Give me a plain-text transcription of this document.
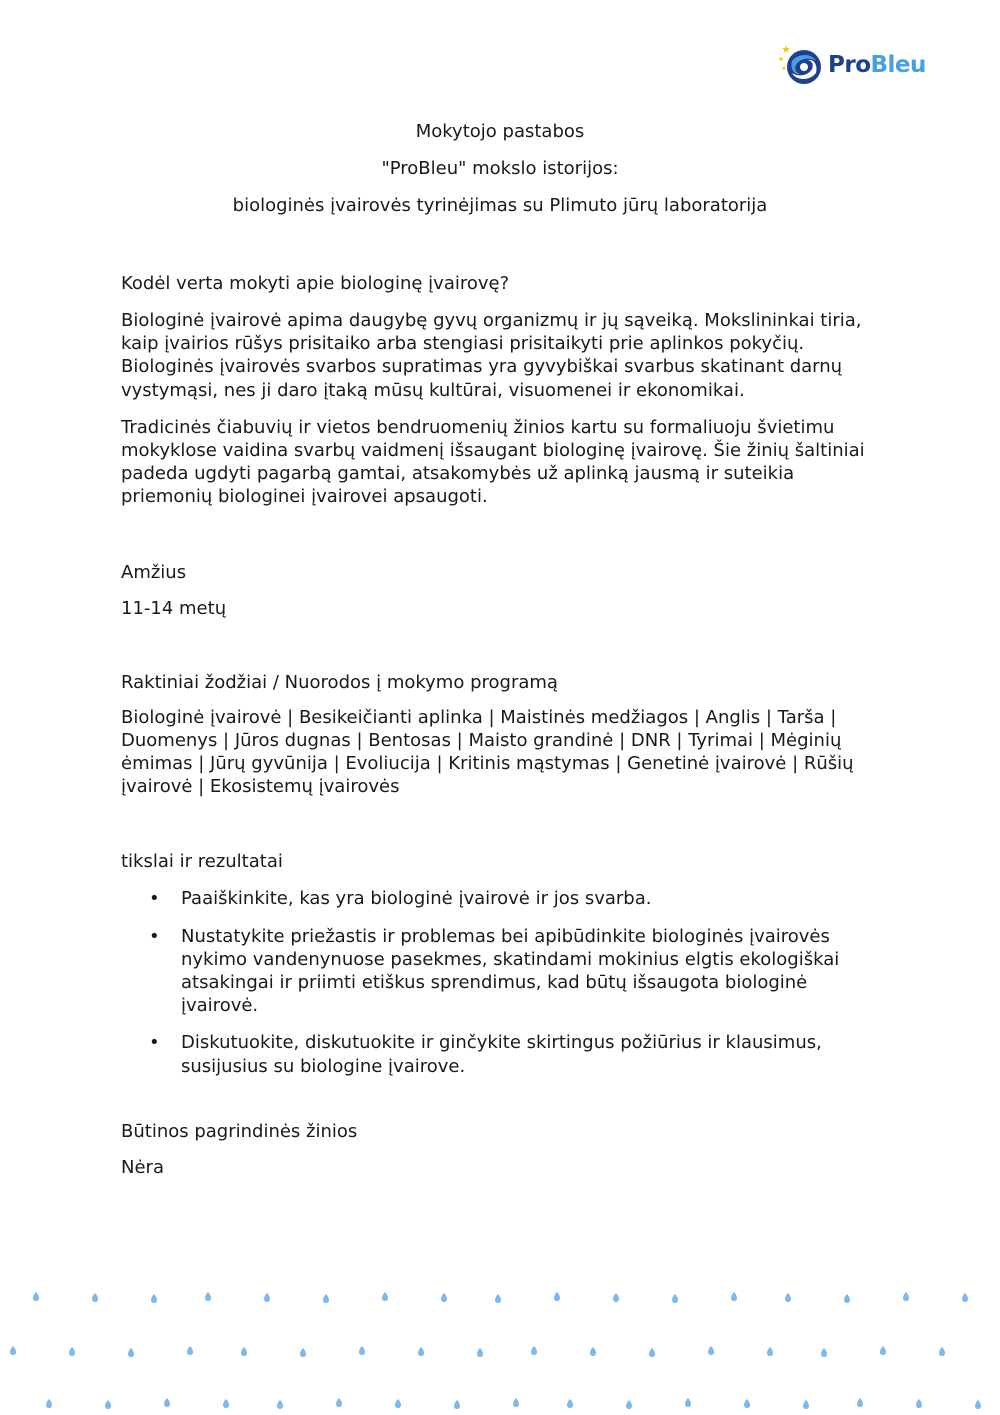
ProBleu

Mokytojo pastabos

"ProBleu" mokslo istorijos:

biologinės įvairovės tyrinėjimas su Plimuto jūrų laboratorija

Kodėl verta mokyti apie biologinę įvairovę?

Biologinė įvairovė apima daugybę gyvų organizmų ir jų sąveiką. Mokslininkai tiria, kaip įvairios rūšys prisitaiko arba stengiasi prisitaikyti prie aplinkos pokyčių. Biologinės įvairovės svarbos supratimas yra gyvybiškai svarbus skatinant darnų vystymąsi, nes ji daro įtaką mūsų kultūrai, visuomenei ir ekonomikai.

Tradicinės čiabuvių ir vietos bendruomenių žinios kartu su formaliuoju švietimu mokyklose vaidina svarbų vaidmenį išsaugant biologinę įvairovę. Šie žinių šaltiniai padeda ugdyti pagarbą gamtai, atsakomybės už aplinką jausmą ir suteikia priemonių biologinei įvairovei apsaugoti.

Amžius

11-14 metų

Raktiniai žodžiai / Nuorodos į mokymo programą

Biologinė įvairovė | Besikeičianti aplinka | Maistinės medžiagos | Anglis | Tarša | Duomenys | Jūros dugnas | Bentosas | Maisto grandinė | DNR | Tyrimai | Mėginių ėmimas | Jūrų gyvūnija | Evoliucija | Kritinis mąstymas | Genetinė įvairovė | Rūšių įvairovė | Ekosistemų įvairovės

tikslai ir rezultatai

• Paaiškinkite, kas yra biologinė įvairovė ir jos svarba.
• Nustatykite priežastis ir problemas bei apibūdinkite biologinės įvairovės nykimo vandenynuose pasekmes, skatindami mokinius elgtis ekologiškai atsakingai ir priimti etiškus sprendimus, kad būtų išsaugota biologinė įvairovė.
• Diskutuokite, diskutuokite ir ginčykite skirtingus požiūrius ir klausimus, susijusius su biologine įvairove.

Būtinos pagrindinės žinios

Nėra
